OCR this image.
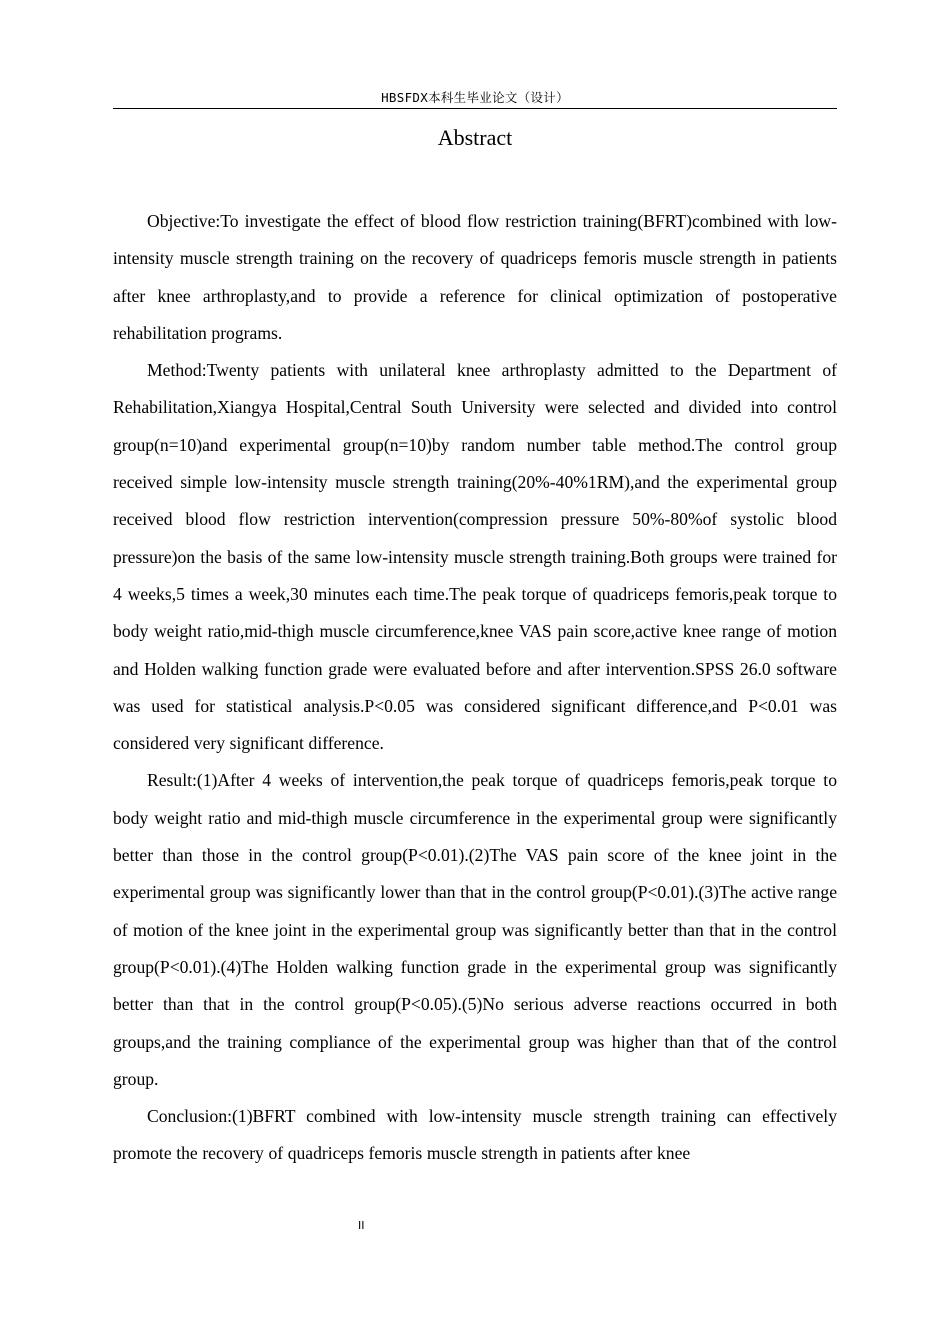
HBSFDX本科生毕业论文（设计）
Abstract

Objective:To investigate the effect of blood flow restriction training(BFRT)combined with low-intensity muscle strength training on the recovery of quadriceps femoris muscle strength in patients after knee arthroplasty,and to provide a reference for clinical optimization of postoperative rehabilitation programs.

Method:Twenty patients with unilateral knee arthroplasty admitted to the Department of Rehabilitation,Xiangya Hospital,Central South University were selected and divided into control group(n=10)and experimental group(n=10)by random number table method.The control group received simple low-intensity muscle strength training(20%-40%1RM),and the experimental group received blood flow restriction intervention(compression pressure 50%-80%of systolic blood pressure)on the basis of the same low-intensity muscle strength training.Both groups were trained for 4 weeks,5 times a week,30 minutes each time.The peak torque of quadriceps femoris,peak torque to body weight ratio,mid-thigh muscle circumference,knee VAS pain score,active knee range of motion and Holden walking function grade were evaluated before and after intervention.SPSS 26.0 software was used for statistical analysis.P<0.05 was considered significant difference,and P<0.01 was considered very significant difference.

Result:(1)After 4 weeks of intervention,the peak torque of quadriceps femoris,peak torque to body weight ratio and mid-thigh muscle circumference in the experimental group were significantly better than those in the control group(P<0.01).(2)The VAS pain score of the knee joint in the experimental group was significantly lower than that in the control group(P<0.01).(3)The active range of motion of the knee joint in the experimental group was significantly better than that in the control group(P<0.01).(4)The Holden walking function grade in the experimental group was significantly better than that in the control group(P<0.05).(5)No serious adverse reactions occurred in both groups,and the training compliance of the experimental group was higher than that of the control group.

Conclusion:(1)BFRT combined with low-intensity muscle strength training can effectively promote the recovery of quadriceps femoris muscle strength in patients after knee

II
